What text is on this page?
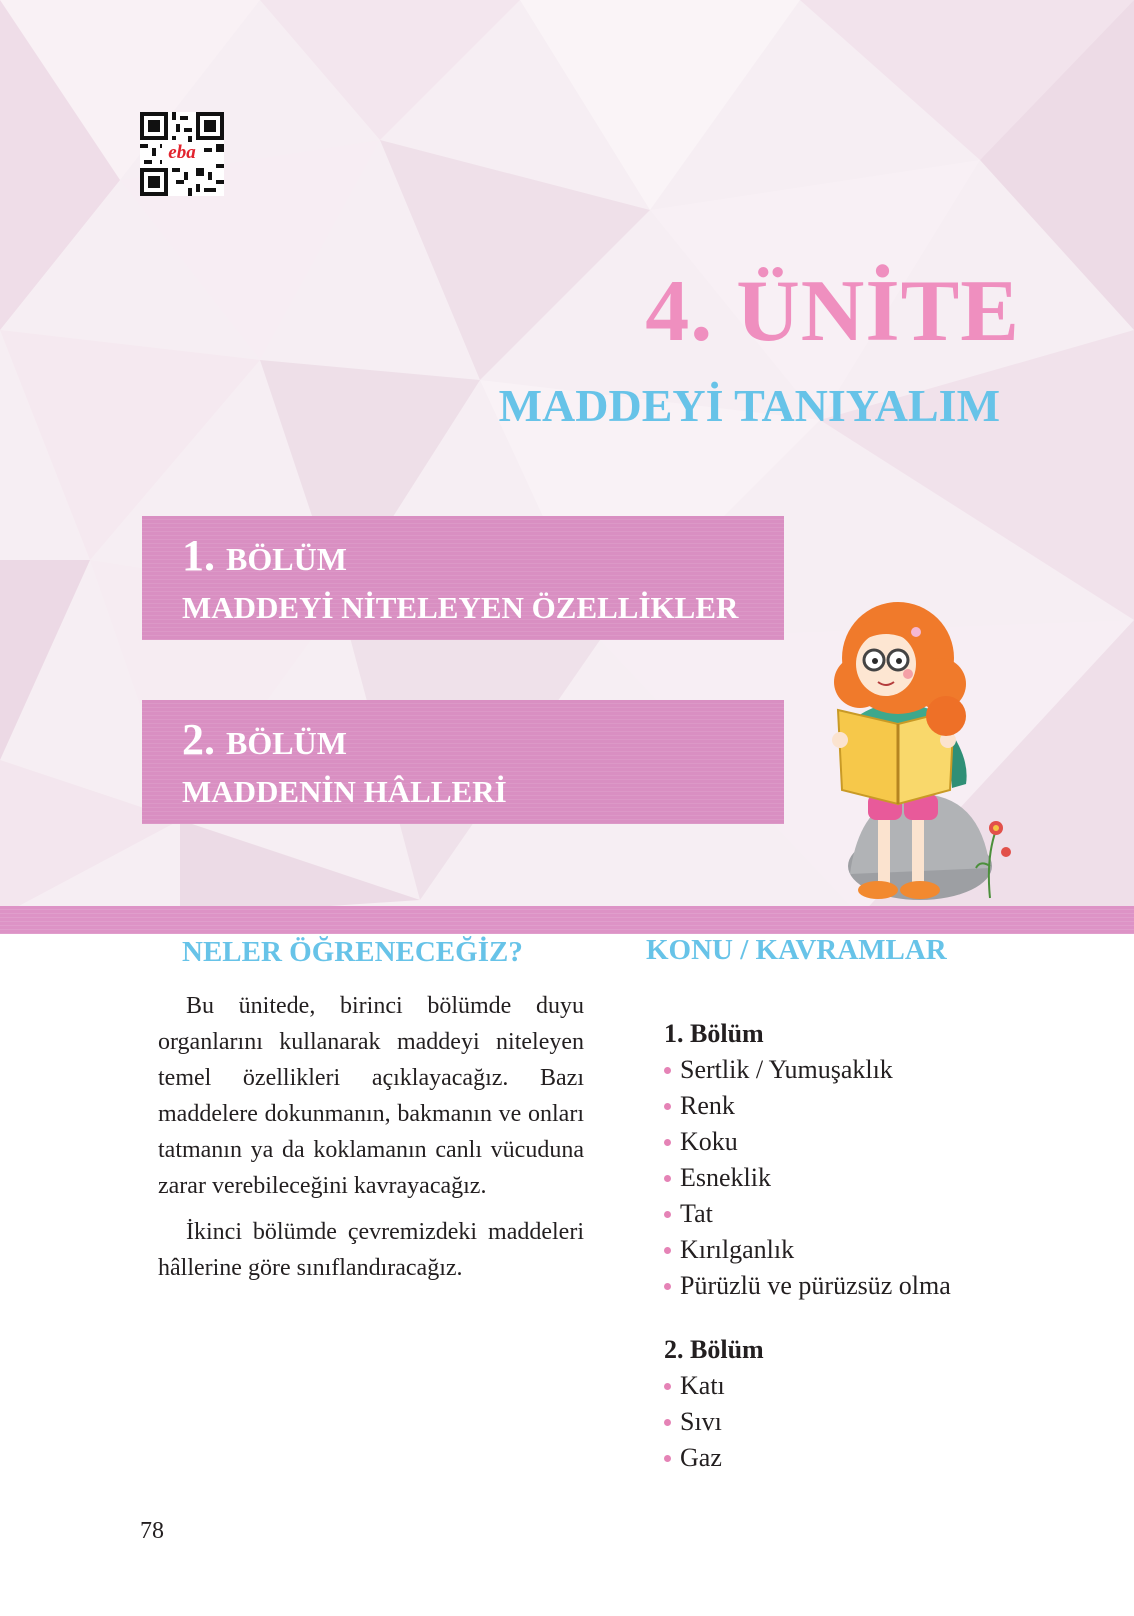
eba
4. ÜNİTE
MADDEYİ TANIYALIM
1. BÖLÜM
MADDEYİ NİTELEYEN ÖZELLİKLER
2. BÖLÜM
MADDENİN HÂLLERİ
NELER ÖĞRENECEĞİZ?

Bu ünitede, birinci bölümde duyu organlarını kullanarak maddeyi niteleyen temel özellikleri açıklayacağız. Bazı maddelere dokunmanın, bakmanın ve onları tatmanın ya da koklamanın canlı vücuduna zarar verebileceğini kavrayacağız.

İkinci bölümde çevremizdeki maddeleri hâllerine göre sınıflandıracağız.

KONU / KAVRAMLAR
1. Bölüm
Sertlik / Yumuşaklık
Renk
Koku
Esneklik
Tat
Kırılganlık
Pürüzlü ve pürüzsüz olma
2. Bölüm
Katı
Sıvı
Gaz
78
